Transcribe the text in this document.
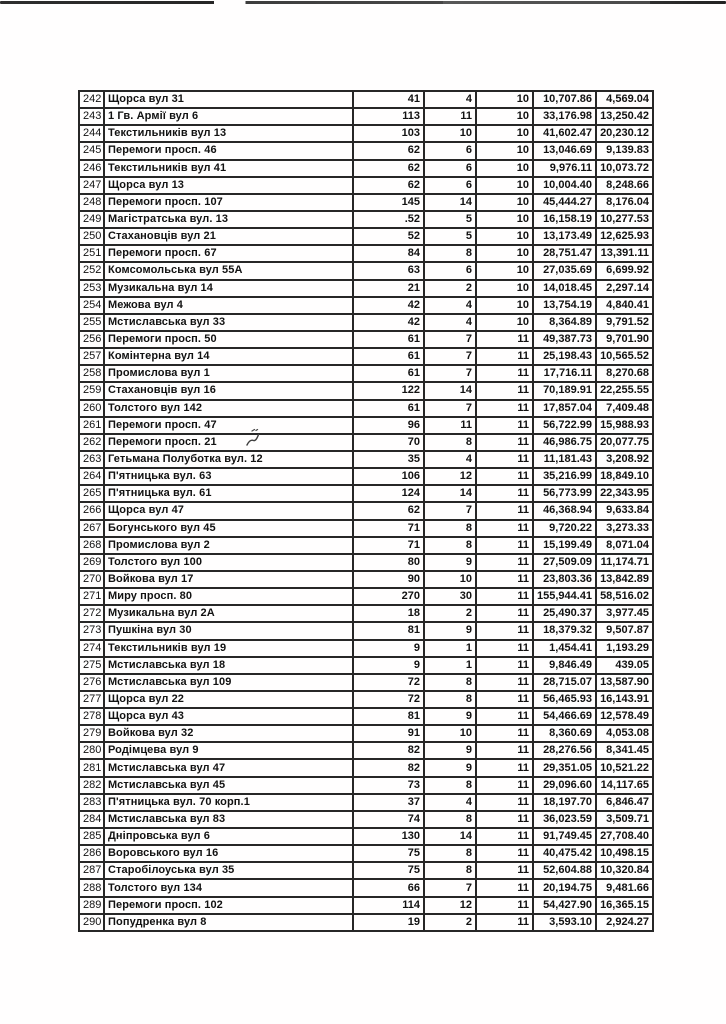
242	Щорса вул 31	41	4	10	10,707.86	4,569.04
243	1 Гв. Армії вул 6	113	11	10	33,176.98	13,250.42
244	Текстильників вул 13	103	10	10	41,602.47	20,230.12
245	Перемоги просп. 46	62	6	10	13,046.69	9,139.83
246	Текстильників вул 41	62	6	10	9,976.11	10,073.72
247	Щорса вул 13	62	6	10	10,004.40	8,248.66
248	Перемоги просп. 107	145	14	10	45,444.27	8,176.04
249	Магістратська вул. 13	.52	5	10	16,158.19	10,277.53
250	Стахановців вул 21	52	5	10	13,173.49	12,625.93
251	Перемоги просп. 67	84	8	10	28,751.47	13,391.11
252	Комсомольська вул 55А	63	6	10	27,035.69	6,699.92
253	Музикальна вул 14	21	2	10	14,018.45	2,297.14
254	Межова вул 4	42	4	10	13,754.19	4,840.41
255	Мстиславська вул 33	42	4	10	8,364.89	9,791.52
256	Перемоги просп. 50	61	7	11	49,387.73	9,701.90
257	Комінтерна вул 14	61	7	11	25,198.43	10,565.52
258	Промислова вул 1	61	7	11	17,716.11	8,270.68
259	Стахановців вул 16	122	14	11	70,189.91	22,255.55
260	Толстого вул 142	61	7	11	17,857.04	7,409.48
261	Перемоги просп. 47	96	11	11	56,722.99	15,988.93
262	Перемоги просп. 21	70	8	11	46,986.75	20,077.75
263	Гетьмана Полуботка вул. 12	35	4	11	11,181.43	3,208.92
264	П'ятницька вул. 63	106	12	11	35,216.99	18,849.10
265	П'ятницька вул. 61	124	14	11	56,773.99	22,343.95
266	Щорса вул 47	62	7	11	46,368.94	9,633.84
267	Богунського вул 45	71	8	11	9,720.22	3,273.33
268	Промислова вул 2	71	8	11	15,199.49	8,071.04
269	Толстого вул 100	80	9	11	27,509.09	11,174.71
270	Войкова вул 17	90	10	11	23,803.36	13,842.89
271	Миру просп. 80	270	30	11	155,944.41	58,516.02
272	Музикальна вул 2А	18	2	11	25,490.37	3,977.45
273	Пушкіна вул 30	81	9	11	18,379.32	9,507.87
274	Текстильників вул 19	9	1	11	1,454.41	1,193.29
275	Мстиславська вул 18	9	1	11	9,846.49	439.05
276	Мстиславська вул 109	72	8	11	28,715.07	13,587.90
277	Щорса вул 22	72	8	11	56,465.93	16,143.91
278	Щорса вул 43	81	9	11	54,466.69	12,578.49
279	Войкова вул 32	91	10	11	8,360.69	4,053.08
280	Родімцева вул 9	82	9	11	28,276.56	8,341.45
281	Мстиславська вул 47	82	9	11	29,351.05	10,521.22
282	Мстиславська вул 45	73	8	11	29,096.60	14,117.65
283	П'ятницька вул. 70 корп.1	37	4	11	18,197.70	6,846.47
284	Мстиславська вул 83	74	8	11	36,023.59	3,509.71
285	Дніпровська вул 6	130	14	11	91,749.45	27,708.40
286	Воровського вул 16	75	8	11	40,475.42	10,498.15
287	Старобілоуська вул 35	75	8	11	52,604.88	10,320.84
288	Толстого вул 134	66	7	11	20,194.75	9,481.66
289	Перемоги просп. 102	114	12	11	54,427.90	16,365.15
290	Попудренка вул 8	19	2	11	3,593.10	2,924.27
